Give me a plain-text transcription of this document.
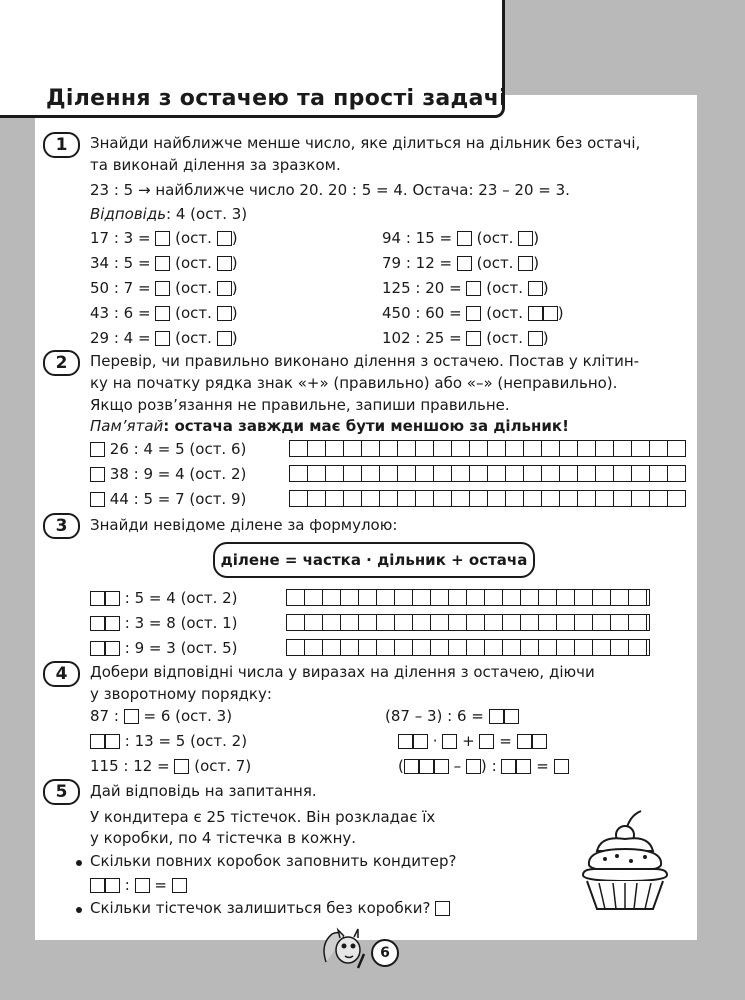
Ділення з остачею та прості задачі
1	Знайди найближче менше число, яке ділиться на дільник без остачі,
та виконай ділення за зразком.
23 : 5 → найближче число 20. 20 : 5 = 4. Остача: 23 – 20 = 3.
Відповідь: 4 (ост. 3)
17 : 3 = (ост. )
34 : 5 = (ост. )
50 : 7 = (ост. )
43 : 6 = (ост. )
29 : 4 = (ост. )
94 : 15 = (ост. )
79 : 12 = (ост. )
125 : 20 = (ост. )
450 : 60 = (ост. )
102 : 25 = (ост. )
2	Перевір, чи правильно виконано ділення з остачею. Постав у клітин-
ку на початку рядка знак «+» (правильно) або «–» (неправильно).
Якщо розв’язання не правильне, запиши правильне.
Пам’ятай: остача завжди має бути меншою за дільник!
26 : 4 = 5 (ост. 6)
38 : 9 = 4 (ост. 2)
44 : 5 = 7 (ост. 9)
3	Знайди невідоме ділене за формулою:
ділене = частка · дільник + остача
: 5 = 4 (ост. 2)
: 3 = 8 (ост. 1)
: 9 = 3 (ост. 5)
4	Добери відповідні числа у виразах на ділення з остачею, діючи
у зворотному порядку:
87 : = 6 (ост. 3)
: 13 = 5 (ост. 2)
115 : 12 = (ост. 7)
(87 – 3) : 6 =
· + =
(	– ) :	=
5	Дай відповідь на запитання.
У кондитера є 25 тістечок. Він розкладає їх
у коробки, по 4 тістечка в кожну.
Скільки повних коробок заповнить кондитер?
: =
Скільки тістечок залишиться без коробки?
6
